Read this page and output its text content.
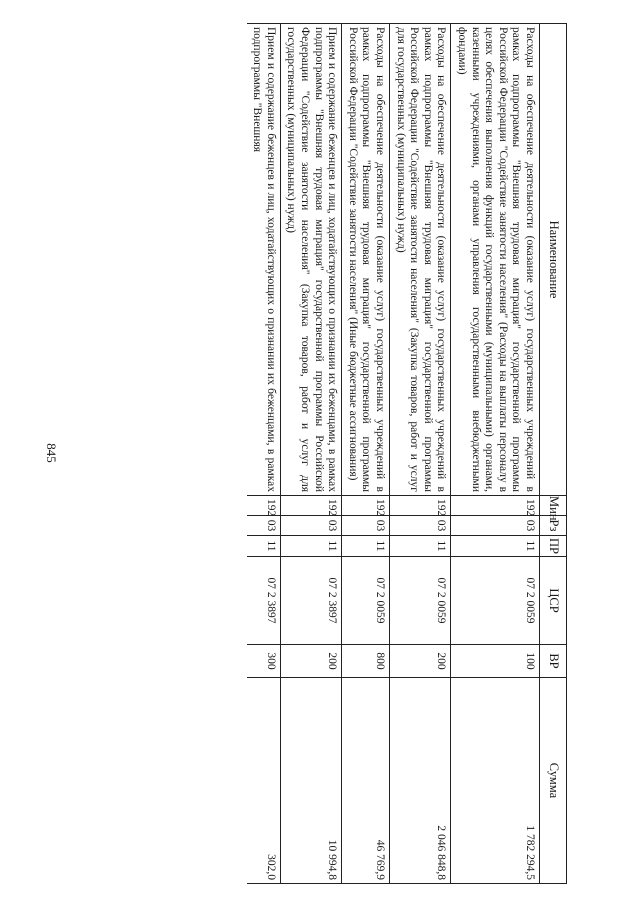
845
Наименование	Мин	Рз	ПР	ЦСР	ВР	Сумма
Расходы на обеспечение деятельности (оказание услуг) государственных учреждений в рамках подпрограммы "Внешняя трудовая миграция" государственной программы Российской Федерации "Содействие занятости населения" (Расходы на выплаты персоналу в целях обеспечения выполнения функций государственными (муниципальными) органами, казенными учреждениями, органами управления государственными внебюджетными фондами)	192	03	11	07 2 0059	100	1 782 294,5
Расходы на обеспечение деятельности (оказание услуг) государственных учреждений в рамках подпрограммы "Внешняя трудовая миграция" государственной программы Российской Федерации "Содействие занятости населения" (Закупка товаров, работ и услуг для государственных (муниципальных) нужд)	192	03	11	07 2 0059	200	2 046 848,8
Расходы на обеспечение деятельности (оказание услуг) государственных учреждений в рамках подпрограммы "Внешняя трудовая миграция" государственной программы Российской Федерации "Содействие занятости населения" (Иные бюджетные ассигнования)	192	03	11	07 2 0059	800	46 769,9
Прием и содержание беженцев и лиц, ходатайствующих о признании их беженцами, в рамках подпрограммы "Внешняя трудовая миграция" государственной программы Российской Федерации "Содействие занятости населения" (Закупка товаров, работ и услуг для государственных (муниципальных) нужд)	192	03	11	07 2 3897	200	10 994,8
Прием и содержание беженцев и лиц, ходатайствующих о признании их беженцами, в рамках подпрограммы "Внешняя	192	03	11	07 2 3897	300	302,0
